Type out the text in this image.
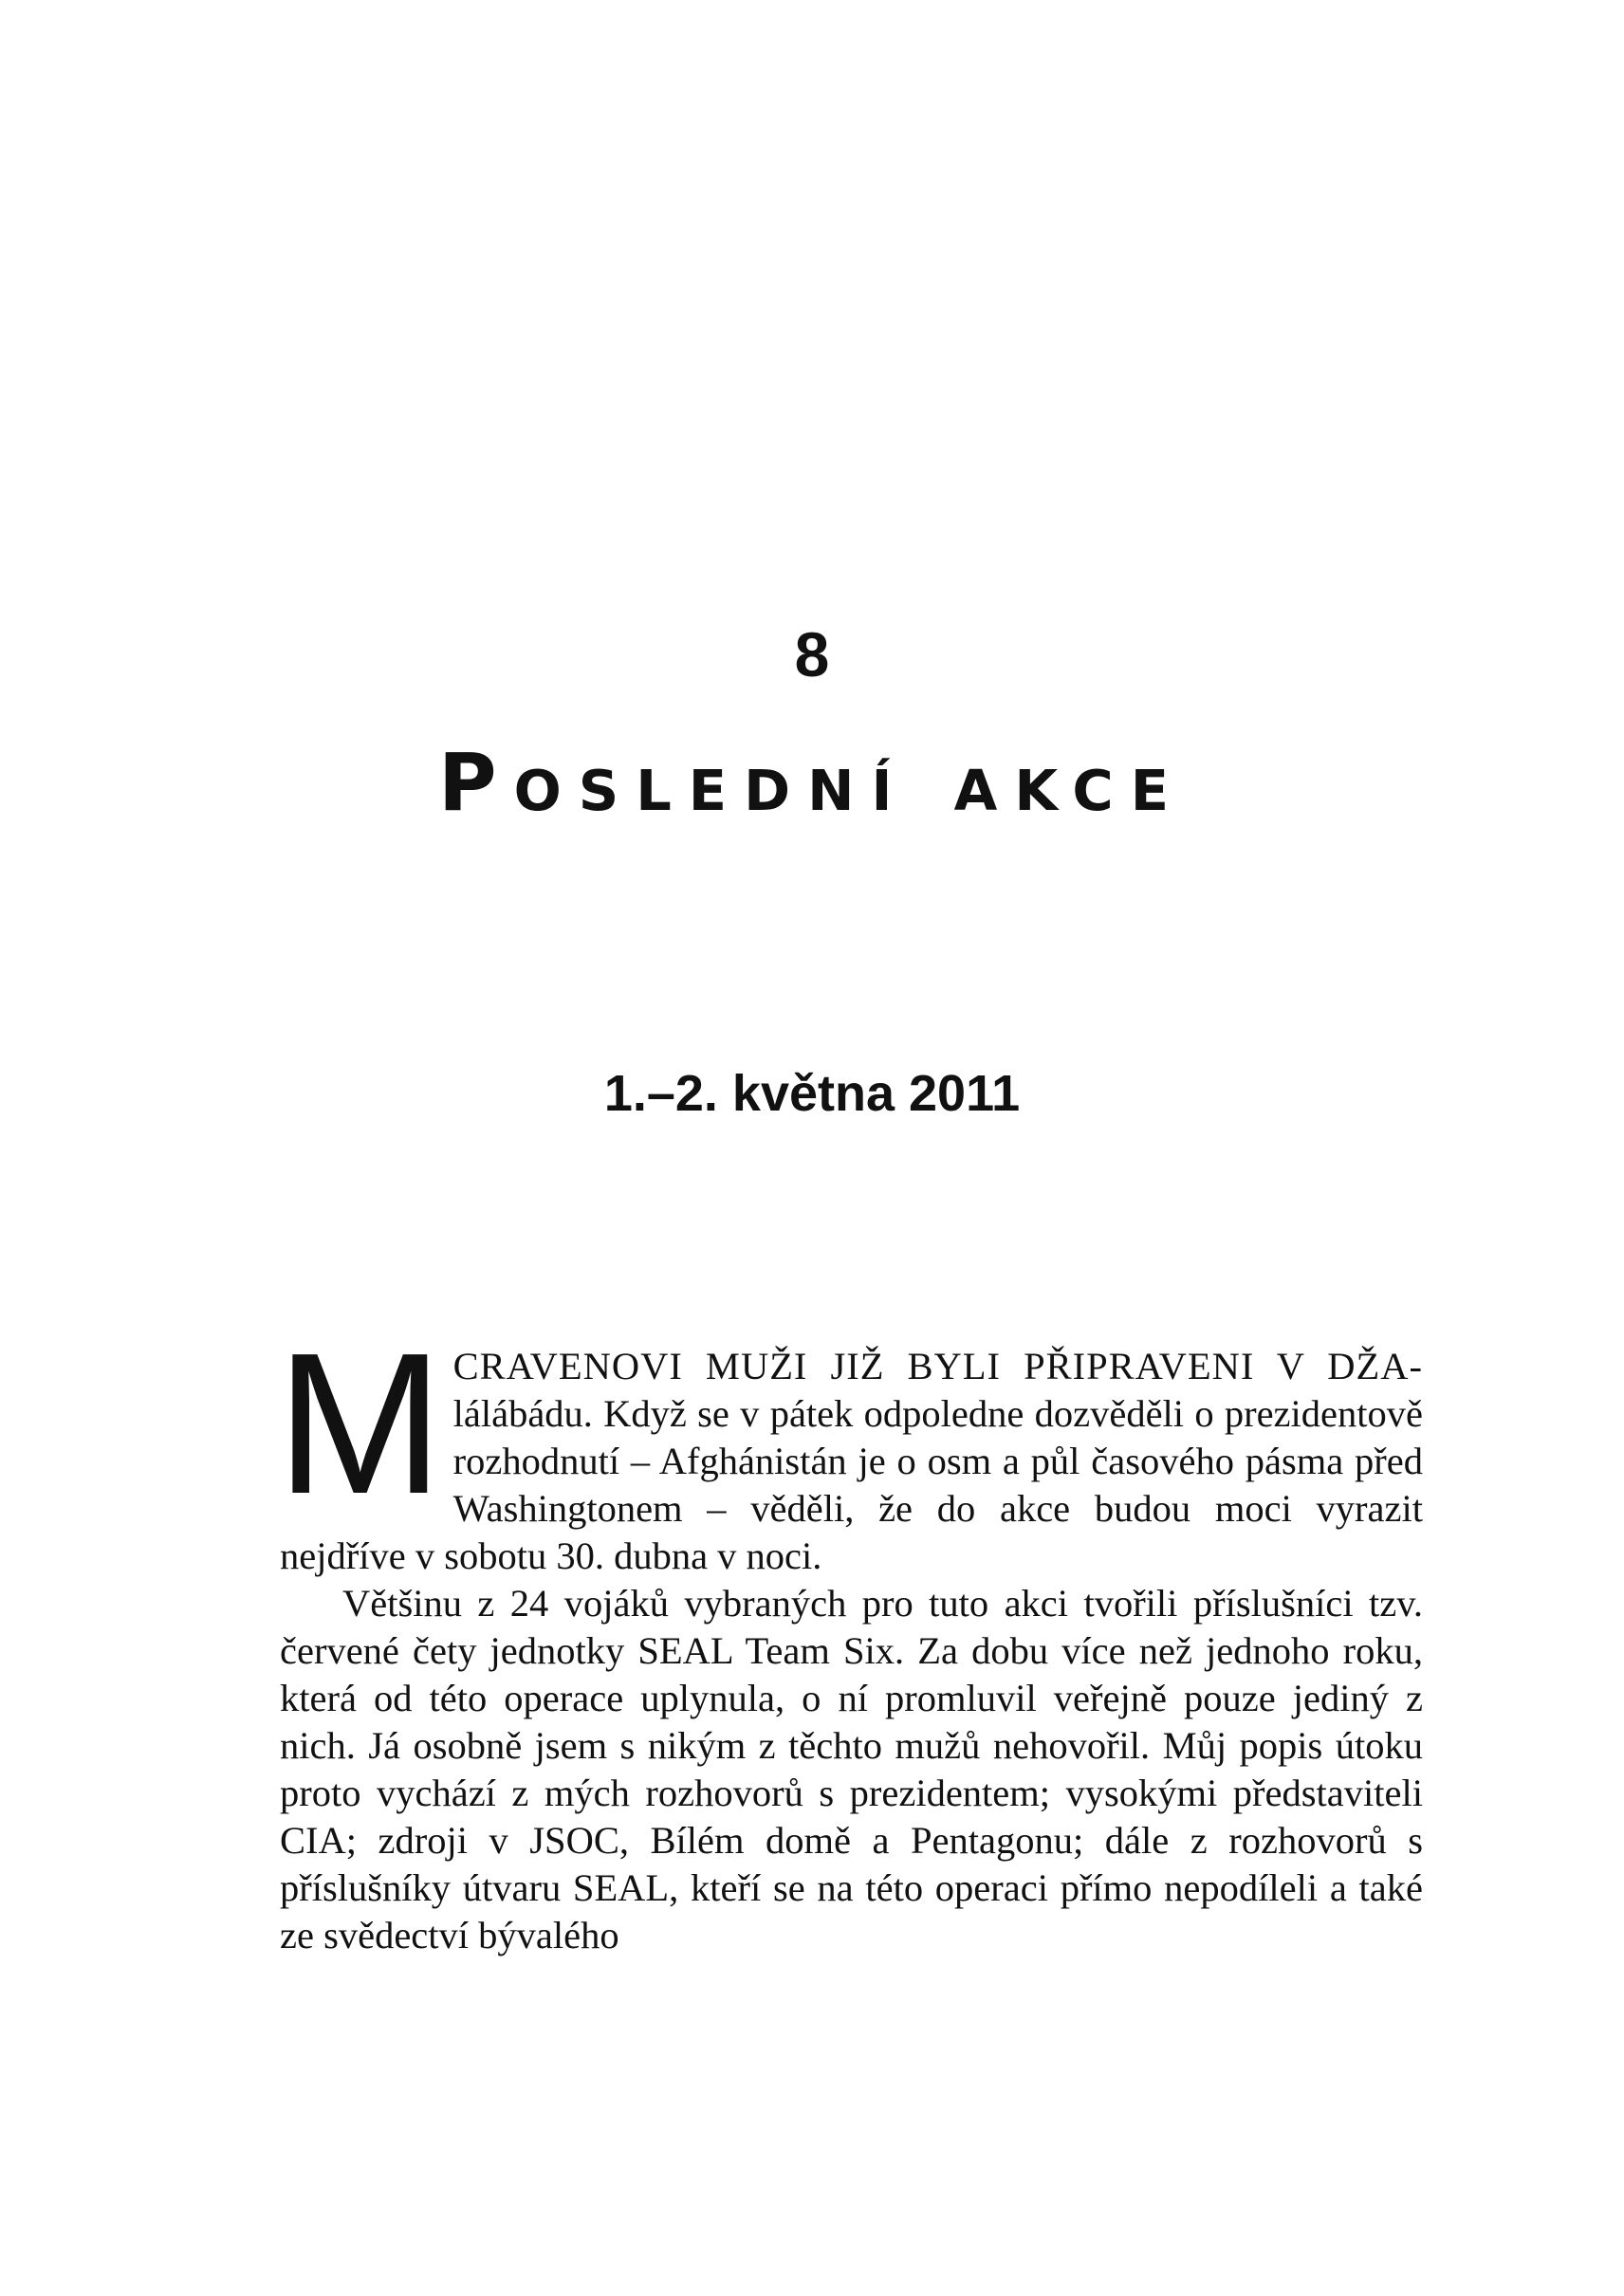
8
Poslední akce
1.–2. května 2011

MCRAVENOVI MUŽI JIŽ BYLI PŘIPRAVENI V DŽA- lálábádu. Když se v pátek odpoledne dozvěděli o prezidentově rozhodnutí – Afghánistán je o osm a půl časového pásma před Washingtonem – věděli, že do akce budou moci vyrazit nejdříve v sobotu 30. dubna v noci.

Většinu z 24 vojáků vybraných pro tuto akci tvořili příslušníci tzv. červené čety jednotky SEAL Team Six. Za dobu více než jednoho roku, která od této operace uplynula, o ní promluvil veřejně pouze jediný z nich. Já osobně jsem s nikým z těchto mužů nehovořil. Můj popis útoku proto vychází z mých rozhovorů s prezidentem; vysokými představiteli CIA; zdroji v JSOC, Bílém domě a Pentagonu; dále z rozhovorů s příslušníky útvaru SEAL, kteří se na této operaci přímo nepodíleli a také ze svědectví bývalého
